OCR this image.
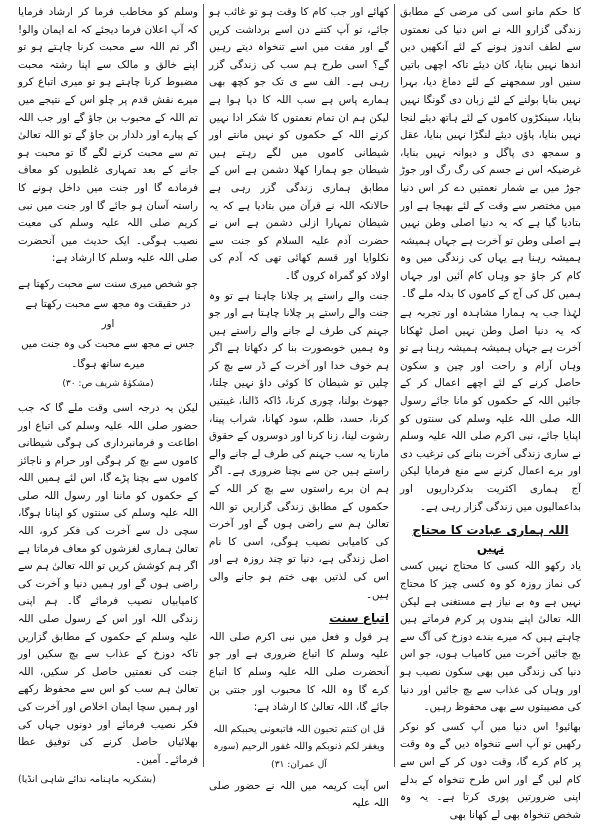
کا حکم مانو اسی کی مرضی کے مطابق زندگی گزارو اللہ نے اس دنیا کی نعمتوں سے لطف اندوز ہونے کے لئے آنکھیں دیں اندھا نہیں بنایا، کان دیئے تاکہ اچھی باتیں سنیں اور سمجھنے کے لئے دماغ دیا، بہرا نہیں بنایا بولنے کے لئے زبان دی گونگا نہیں بنایا، سینکڑوں کاموں کے لئے ہاتھ دیئے لنجا نہیں بنایا، پاؤں دیئے لنگڑا نہیں بنایا، عقل و سمجھ دی پاگل و دیوانہ نہیں بنایا، غرضیکہ اس نے جسم کی رگ رگ اور جوڑ جوڑ میں بے شمار نعمتیں دے کر اس دنیا میں مختصر سے وقت کے لئے بھیجا ہے اور بتادیا گیا ہے کہ یہ دنیا اصلی وطن نہیں ہے اصلی وطن تو آخرت ہے جہاں ہمیشہ ہمیشہ رہنا ہے یہاں کی زندگی میں وہ کام کر جاؤ جو وہاں کام آئیں اور جہاں ہمیں کل کی آج کے کاموں کا بدلہ ملے گا۔

لہٰذا جب یہ ہمارا مشاہدہ اور تجربہ ہے کہ یہ دنیا اصل وطن نہیں اصل ٹھکانا آخرت ہے جہاں ہمیشہ ہمیشہ رہنا ہے تو وہاں آرام و راحت اور چین و سکون حاصل کرنے کے لئے اچھے اعمال کر کے جائیں اللہ کے حکموں کو مانا جائے رسول اللہ صلی اللہ علیہ وسلم کی سنتوں کو اپنایا جائے، نبی اکرم صلی اللہ علیہ وسلم نے ساری زندگی آخرت بنانے کی ترغیب دی اور برے اعمال کرنے سے منع فرمایا لیکن آج ہماری اکثریت بدکرداریوں اور بداعمالیوں میں زندگی گزار رہی ہے۔

اللہ ہماری عبادت کا محتاج نہیں

یاد رکھو اللہ کسی کا محتاج نہیں کسی کی نماز روزہ کو وہ کسی چیز کا محتاج نہیں ہے وہ بے نیاز ہے مستغنی ہے لیکن اللہ تعالیٰ اپنے بندوں پر کرم فرماتے ہیں چاہتے ہیں کہ میرے بندے دوزخ کی آگ سے بچ جائیں آخرت میں کامیاب ہوں، جو اس دنیا کی زندگی میں بھی سکون نصیب ہو اور وہاں کی عذاب سے بچ جائیں اور دنیا کی مصیبتوں سے بھی محفوظ رہیں۔

بھائیو! اس دنیا میں آپ کسی کو نوکر رکھیں تو آپ اسے تنخواہ دیں گے وہ وقت پر کام کرے گا، وقت دوں کر کے اس سے کام لیں گے اور اس طرح تنخواہ کے بدلے اپنی ضرورتیں پوری کرتا ہے۔ یہ وہ شخص تنخواہ بھی لے کھانا بھی

کھائے اور جب کام کا وقت ہو تو غائب ہو جائے، تو آپ کتنے دن اسے برداشت کریں گے اور مفت میں اسے تنخواہ دیتے رہیں گے؟ اسی طرح ہم سب کی زندگی گزر رہی ہے۔ الف سے ی تک جو کچھ بھی ہمارے پاس ہے سب اللہ کا دیا ہوا ہے لیکن ہم ان تمام نعمتوں کا شکر ادا نہیں کرتے اللہ کے حکموں کو نہیں مانتے اور شیطانی کاموں میں لگے رہتے ہیں شیطان جو ہمارا کھلا دشمن ہے اس کے مطابق ہماری زندگی گزر رہی ہے حالانکہ اللہ نے قرآن میں بتادیا ہے کہ یہ شیطان تمہارا ازلی دشمن ہے اس نے حضرت آدم علیہ السلام کو جنت سے نکلوایا اور قسم کھائی تھی کہ آدم کی اولاد کو گمراہ کروں گا۔

جنت والے راستے پر چلانا چاہتا ہے تو وہ جنت والے راستے پر چلانا چاہتا ہے اور جو جہنم کی طرف لے جانے والے راستے ہیں وہ ہمیں خوبصورت بنا کر دکھاتا ہے اگر ہم خوف خدا اور آخرت کے ڈر سے بچ کر چلیں تو شیطان کا کوئی داؤ نہیں چلتا، جھوٹ بولنا، چوری کرنا، ڈاکہ ڈالنا، غیبتیں کرنا، حسد، ظلم، سود کھانا، شراب پینا، رشوت لینا، زنا کرنا اور دوسروں کے حقوق مارنا یہ سب جہنم کی طرف لے جانے والے راستے ہیں جن سے بچنا ضروری ہے۔ اگر ہم ان برے راستوں سے بچ کر اللہ کے حکموں کے مطابق زندگی گزاریں تو اللہ تعالیٰ ہم سے راضی ہوں گے اور آخرت کی کامیابی نصیب ہوگی، اسی کا نام اصل زندگی ہے، دنیا تو چند روزہ ہے اور اس کی لذتیں بھی ختم ہو جانے والی ہیں۔

اتباع سنت

ہر قول و فعل میں نبی اکرم صلی اللہ علیہ وسلم کا اتباع ضروری ہے اور جو آنحضرت صلی اللہ علیہ وسلم کا اتباع کرے گا وہ اللہ کا محبوب اور جنتی بن جائے گا، اللہ تعالیٰ کا ارشاد ہے:

قل ان کنتم تحبون اللہ فاتبعونی یحببکم اللہ ویغفر لکم ذنوبکم واللہ غفور الرحیم (سورہ آل عمران: ۳۱)

اس آیت کریمہ میں اللہ نے حضور صلی اللہ علیہ

وسلم کو مخاطب فرما کر ارشاد فرمایا کہ آپ اعلان فرما دیجئے کہ اے ایمان والو! اگر تم اللہ سے محبت کرنا چاہتے ہو تو اپنے خالق و مالک سے اپنا رشتہ محبت مضبوط کرنا چاہتے ہو تو میری اتباع کرو میرے نقش قدم پر چلو اس کے نتیجے میں تم اللہ کے محبوب بن جاؤ گے اور جب اللہ کے پیارے اور دلدار بن جاؤ گے تو اللہ تعالیٰ تم سے محبت کرنے لگے گا تو محبت ہو جانے کے بعد تمہاری غلطیوں کو معاف فرمادے گا اور جنت میں داخل ہونے کا راستہ آسان ہو جائے گا اور جنت میں نبی کریم صلی اللہ علیہ وسلم کی معیت نصیب ہوگی۔ ایک حدیث میں آنحضرت صلی اللہ علیہ وسلم کا ارشاد ہے:

جو شخص میری سنت سے محبت رکھتا ہے
در حقیقت وہ مجھ سے محبت رکھتا ہے اور
جس نے مجھ سے محبت کی وہ جنت میں
میرے ساتھ ہوگا۔
(مشکوٰۃ شریف ص: ۳۰)

لیکن یہ درجہ اسی وقت ملے گا کہ جب حضور صلی اللہ علیہ وسلم کی اتباع اور اطاعت و فرمانبرداری کی ہوگی شیطانی کاموں سے بچ کر ہوگی اور حرام و ناجائز کاموں سے بچنا پڑے گا، اس لئے ہمیں اللہ کے حکموں کو ماننا اور رسول اللہ صلی اللہ علیہ وسلم کی سنتوں کو اپنانا ہوگا، سچی دل سے آخرت کی فکر کرو، اللہ تعالیٰ ہماری لغزشوں کو معاف فرماتا ہے اگر ہم کوشش کریں تو اللہ تعالیٰ ہم سے راضی ہوں گے اور ہمیں دنیا و آخرت کی کامیابیاں نصیب فرمائے گا۔ ہم اپنی زندگی اللہ اور اس کے رسول صلی اللہ علیہ وسلم کے حکموں کے مطابق گزاریں تاکہ دوزخ کے عذاب سے بچ سکیں اور جنت کی نعمتیں حاصل کر سکیں، اللہ تعالیٰ ہم سب کو اس سے محفوظ رکھے اور ہمیں سچا ایمان اخلاص اور آخرت کی فکر نصیب فرمائے اور دونوں جہاں کی بھلائیاں حاصل کرنے کی توفیق عطا فرمائے۔ آمین۔

(بشکریہ ماہنامہ ندائے شاہی انڈیا)
